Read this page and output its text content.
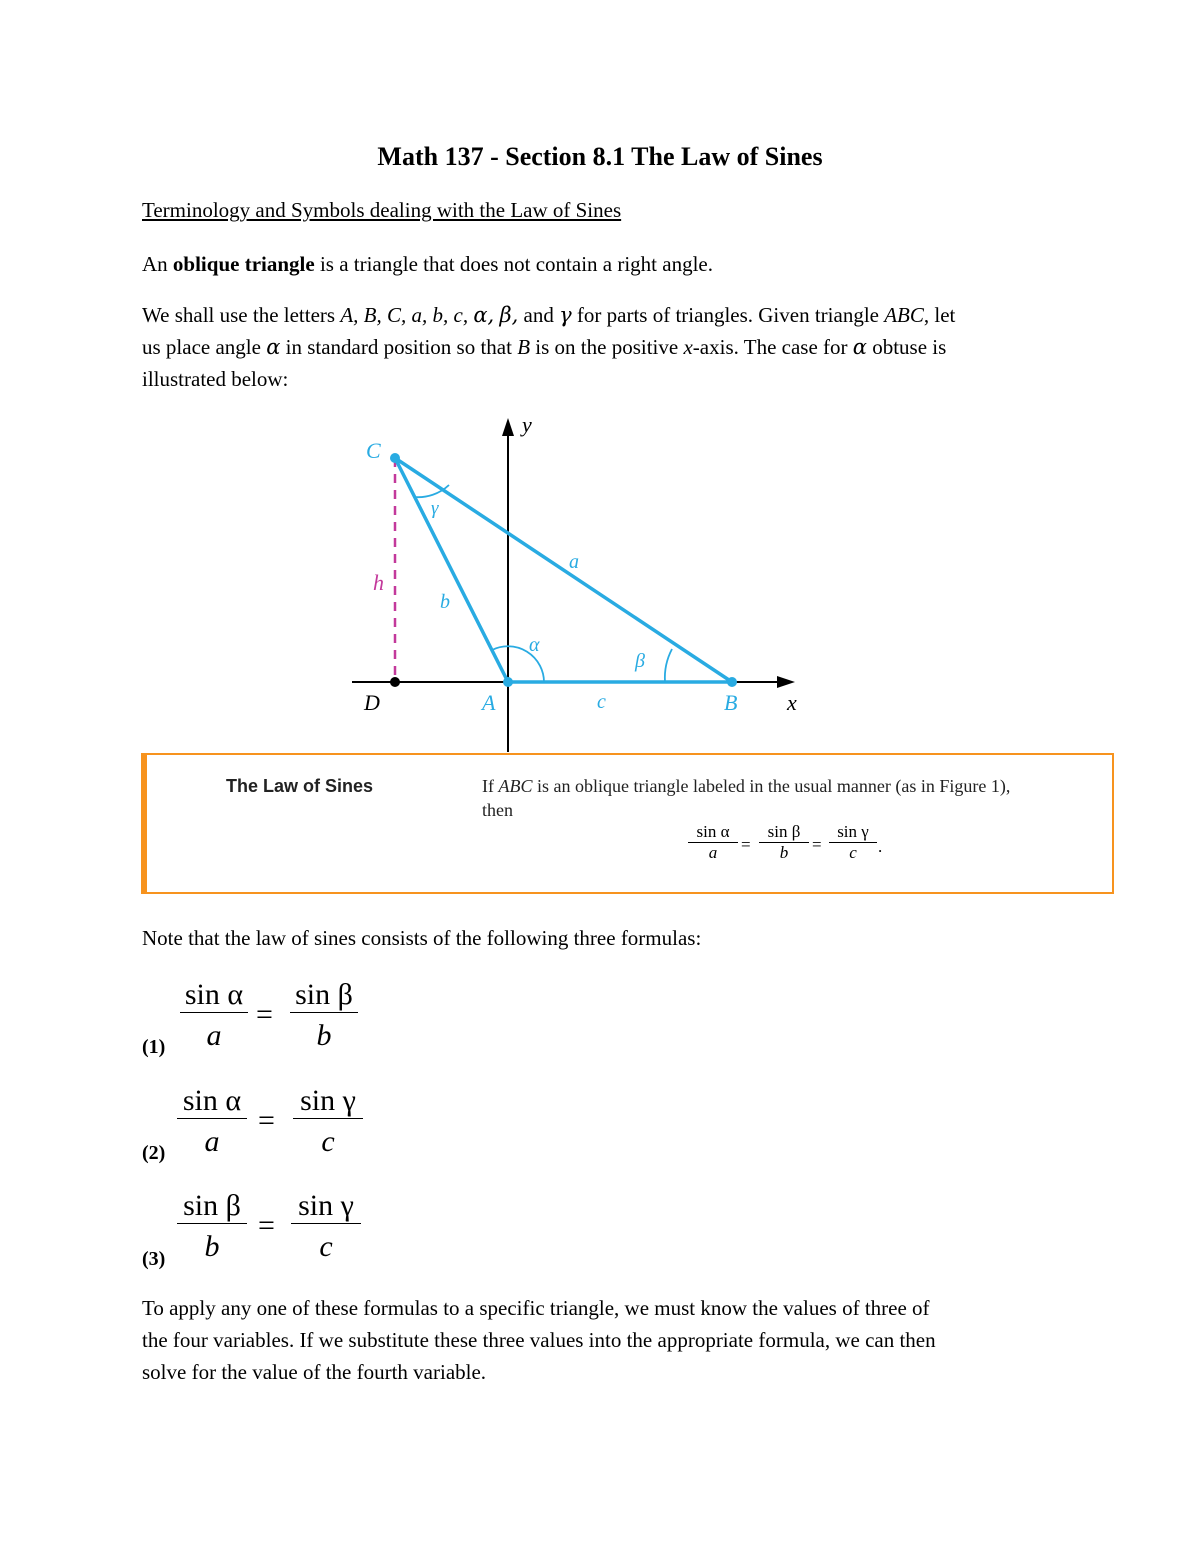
Math 137 - Section 8.1 The Law of Sines
Terminology and Symbols dealing with the Law of Sines
An oblique triangle is a triangle that does not contain a right angle.
We shall use the letters A, B, C, a, b, c, α, β, and γ for parts of triangles. Given triangle ABC, let
us place angle α in standard position so that B is on the positive x-axis. The case for α obtuse is
illustrated below:
C
D	A	B x
y
h
a
b
c
α
β
γ
The Law of Sines	If ABC is an oblique triangle labeled in the usual manner (as in Figure 1),
then
sin α
a	=
sin β
b	=
sin γ
c	.
Note that the law of sines consists of the following three formulas:
(1)
sin α
a
=
sin β
b
(2)
sin α
a
=
sin γ
c
(3)
sin β
b
=
sin γ
c
To apply any one of these formulas to a specific triangle, we must know the values of three of
the four variables. If we substitute these three values into the appropriate formula, we can then
solve for the value of the fourth variable.
